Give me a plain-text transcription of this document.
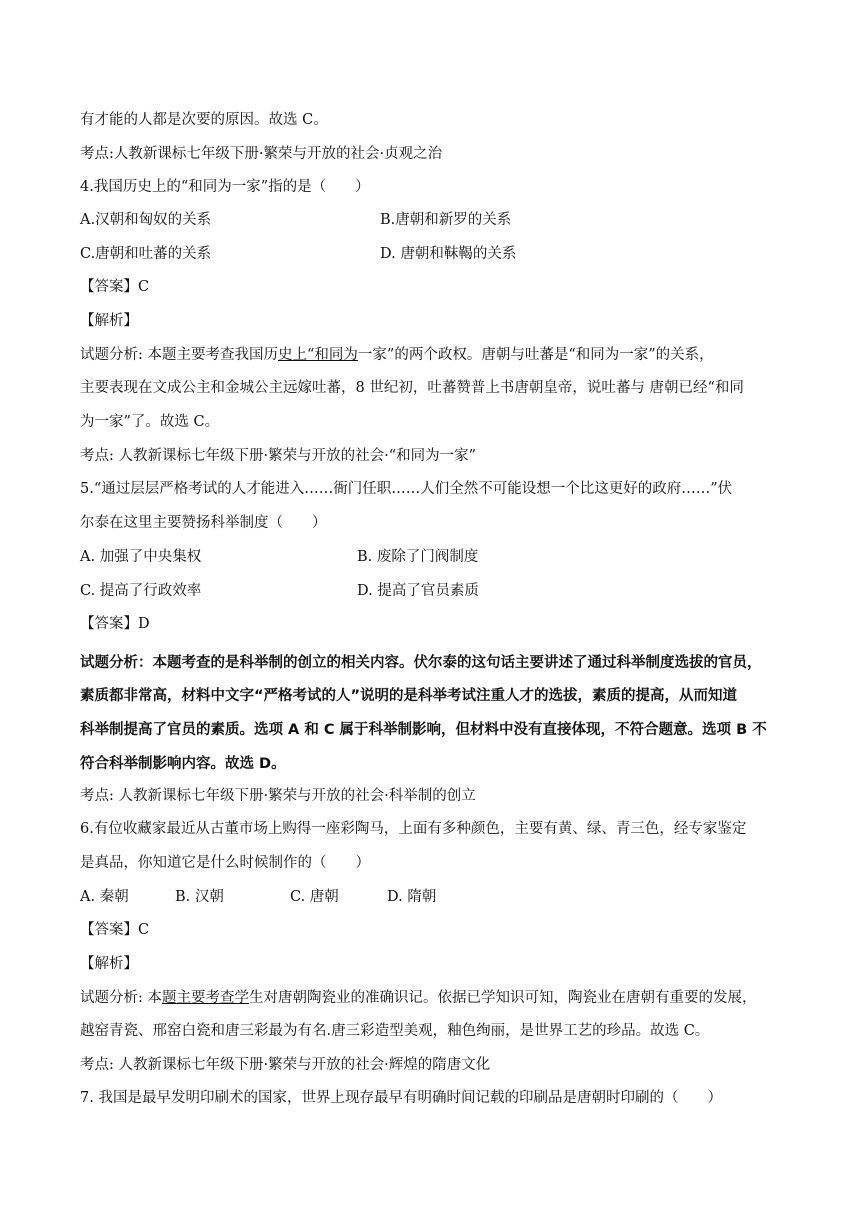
有才能的人都是次要的原因。故选 C。
考点:人教新课标七年级下册·繁荣与开放的社会·贞观之治
4.我国历史上的“和同为一家”指的是（　　）
A.汉朝和匈奴的关系	B.唐朝和新罗的关系
C.唐朝和吐蕃的关系	D. 唐朝和靺鞨的关系
【答案】C
【解析】
试题分析: 本题主要考查我国历史上“和同为一家”的两个政权。唐朝与吐蕃是“和同为一家”的关系，
主要表现在文成公主和金城公主远嫁吐蕃，8 世纪初，吐蕃赞普上书唐朝皇帝，说吐蕃与 唐朝已经“和同
为一家”了。故选 C。
考点: 人教新课标七年级下册·繁荣与开放的社会·“和同为一家”
5.“通过层层严格考试的人才能进入……衙门任职……人们全然不可能设想一个比这更好的政府……”伏
尔泰在这里主要赞扬科举制度（　　）
A. 加强了中央集权	B. 废除了门阀制度
C. 提高了行政效率	D. 提高了官员素质
【答案】D
试题分析：本题考查的是科举制的创立的相关内容。伏尔泰的这句话主要讲述了通过科举制度选拔的官员，
素质都非常高，材料中文字“严格考试的人”说明的是科举考试注重人才的选拔，素质的提高，从而知道
科举制提高了官员的素质。选项 A 和 C 属于科举制影响，但材料中没有直接体现，不符合题意。选项 B 不
符合科举制影响内容。故选 D。
考点: 人教新课标七年级下册·繁荣与开放的社会·科举制的创立
6.有位收藏家最近从古董市场上购得一座彩陶马，上面有多种颜色，主要有黄、绿、青三色，经专家鉴定
是真品，你知道它是什么时候制作的（　　）
A. 秦朝	B. 汉朝	C. 唐朝	D. 隋朝
【答案】C
【解析】
试题分析: 本题主要考查学生对唐朝陶瓷业的准确识记。依据已学知识可知，陶瓷业在唐朝有重要的发展，
越窑青瓷、邢窑白瓷和唐三彩最为有名.唐三彩造型美观，釉色绚丽，是世界工艺的珍品。故选 C。
考点: 人教新课标七年级下册·繁荣与开放的社会·辉煌的隋唐文化
7. 我国是最早发明印刷术的国家，世界上现存最早有明确时间记载的印刷品是唐朝时印刷的（　　）
